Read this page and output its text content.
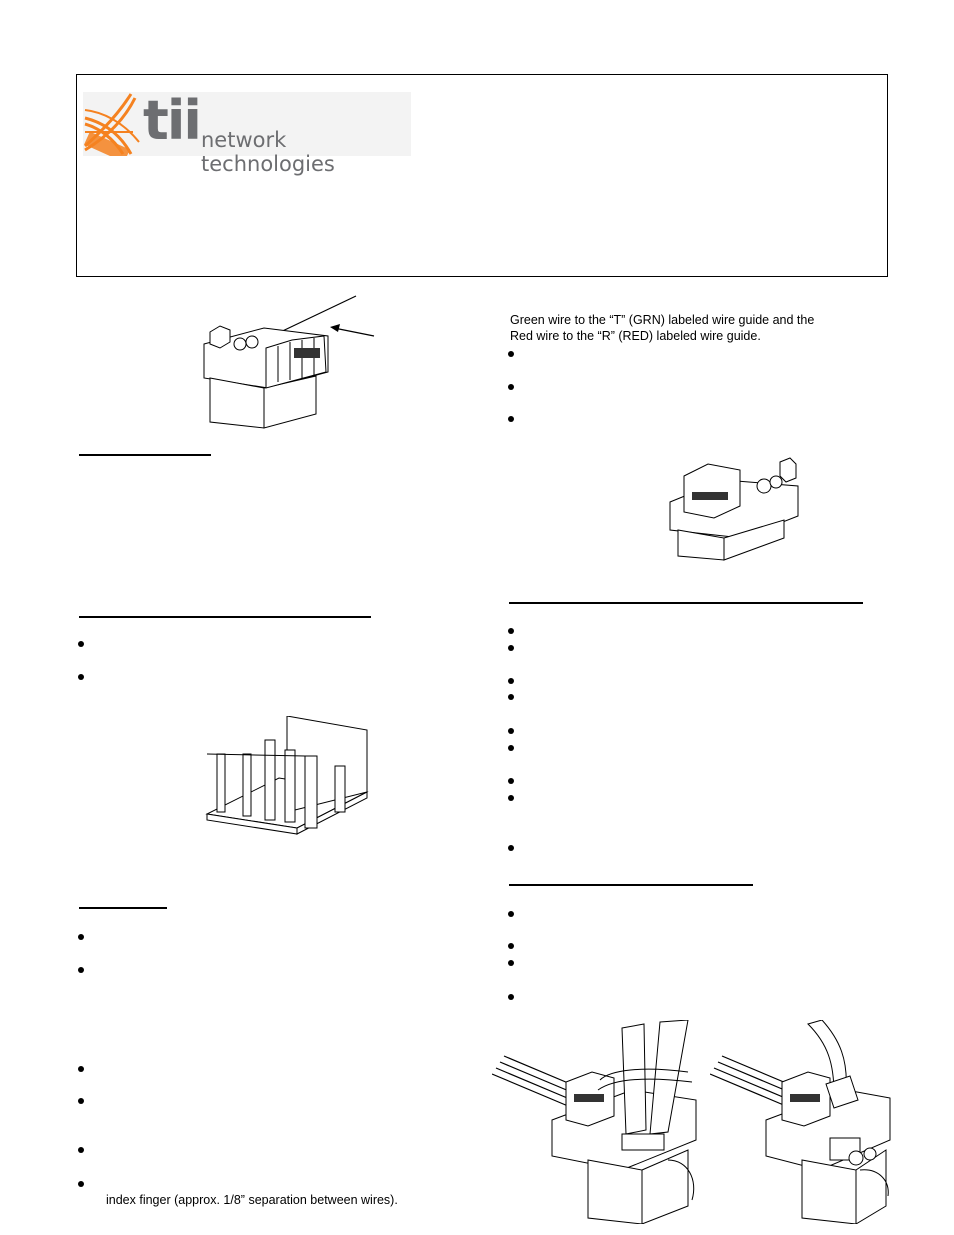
tii network technologies
index finger (approx. 1/8” separation between wires).
Green wire to the “T” (GRN) labeled wire guide and the
Red wire to the “R” (RED) labeled wire guide.
